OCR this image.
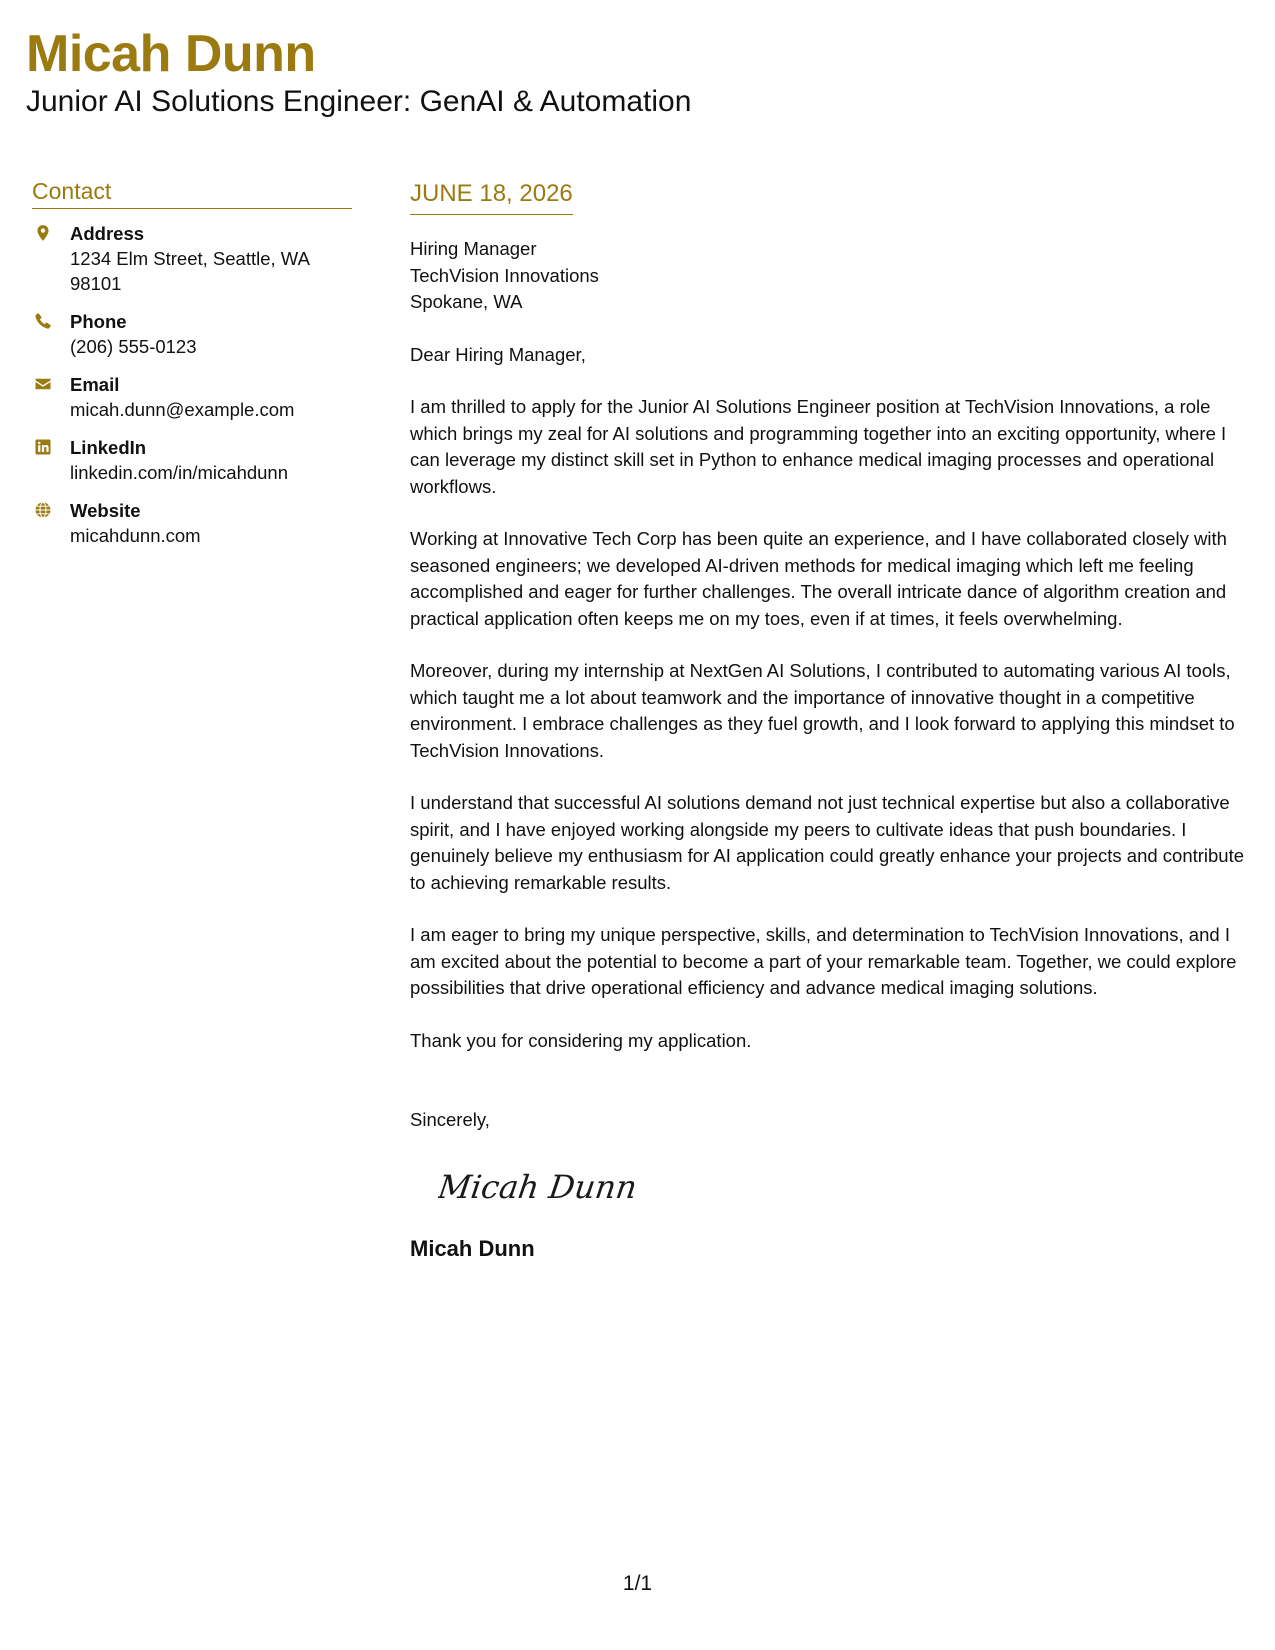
Micah Dunn
Junior AI Solutions Engineer: GenAI & Automation
Contact
Address
1234 Elm Street, Seattle, WA 98101
Phone
(206) 555-0123
Email
micah.dunn@example.com
LinkedIn
linkedin.com/in/micahdunn
Website
micahdunn.com
JUNE 18, 2026
Hiring Manager
TechVision Innovations
Spokane, WA
Dear Hiring Manager,
I am thrilled to apply for the Junior AI Solutions Engineer position at TechVision Innovations, a role which brings my zeal for AI solutions and programming together into an exciting opportunity, where I can leverage my distinct skill set in Python to enhance medical imaging processes and operational workflows.
Working at Innovative Tech Corp has been quite an experience, and I have collaborated closely with seasoned engineers; we developed AI-driven methods for medical imaging which left me feeling accomplished and eager for further challenges. The overall intricate dance of algorithm creation and practical application often keeps me on my toes, even if at times, it feels overwhelming.
Moreover, during my internship at NextGen AI Solutions, I contributed to automating various AI tools, which taught me a lot about teamwork and the importance of innovative thought in a competitive environment. I embrace challenges as they fuel growth, and I look forward to applying this mindset to TechVision Innovations.
I understand that successful AI solutions demand not just technical expertise but also a collaborative spirit, and I have enjoyed working alongside my peers to cultivate ideas that push boundaries. I genuinely believe my enthusiasm for AI application could greatly enhance your projects and contribute to achieving remarkable results.
I am eager to bring my unique perspective, skills, and determination to TechVision Innovations, and I am excited about the potential to become a part of your remarkable team. Together, we could explore possibilities that drive operational efficiency and advance medical imaging solutions.
Thank you for considering my application.
Sincerely,
Micah Dunn
Micah Dunn
1/1
